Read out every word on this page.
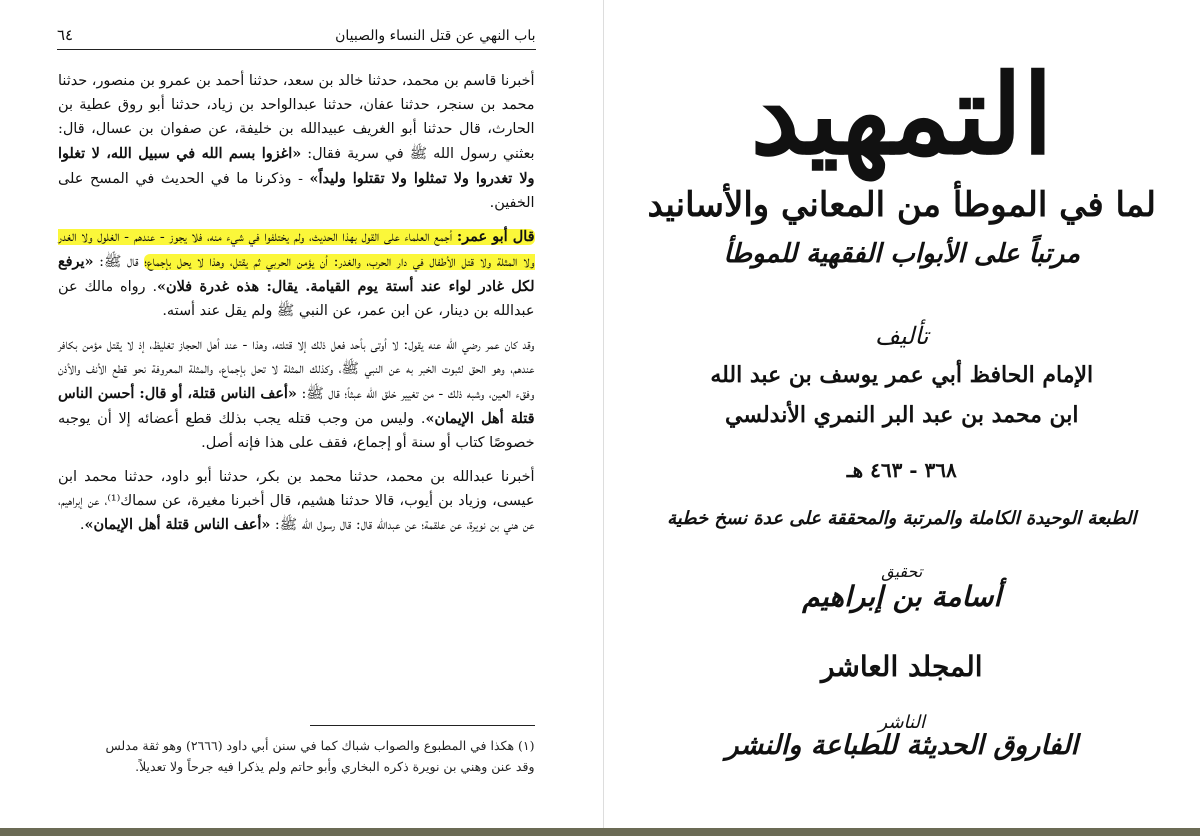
باب النهي عن قتل النساء والصبيان
٦٤

أخبرنا قاسم بن محمد، حدثنا خالد بن سعد، حدثنا أحمد بن عمرو بن منصور، حدثنا محمد بن سنجر، حدثنا عفان، حدثنا عبدالواحد بن زياد، حدثنا أبو روق عطية بن الحارث، قال حدثنا أبو الغريف عبيدالله بن خليفة، عن صفوان بن عسال، قال: بعثني رسول الله ﷺ في سرية فقال: «اغزوا بسم الله في سبيل الله، لا تغلوا ولا تغدروا ولا تمثلوا ولا تقتلوا وليداً» - وذكرنا ما في الحديث في المسح على الخفين.

قال أبو عمر: أجمع العلماء على القول بهذا الحديث، ولم يختلفوا في شيء منه، فلا يجوز - عندهم - الغلول ولا الغدر ولا المثلة ولا قتل الأطفال في دار الحرب، والغدر: أن يؤمن الحربي ثم يقتل، وهذا لا يحل بإجماع؛ قال ﷺ: «يرفع لكل غادر لواء عند أستة يوم القيامة. يقال: هذه غدرة فلان». رواه مالك عن عبدالله بن دينار، عن ابن عمر، عن النبي ﷺ ولم يقل عند أسته.

وقد كان عمر رضي الله عنه يقول: لا أوتى بأحد فعل ذلك إلا قتلته، وهذا - عند أهل الحجاز تغليظ، إذ لا يقتل مؤمن بكافر عندهم، وهو الحق لثبوت الخبر به عن النبي ﷺ، وكذلك المثلة لا تحل بإجماع، والمثلة المعروفة نحو قطع الأنف والأذن وفقء العين، وشبه ذلك - من تغيير خلق الله عبثاً؛ قال ﷺ: «أعف الناس قتلة، أو قال: أحسن الناس قتلة أهل الإيمان». وليس من وجب قتله يجب بذلك قطع أعضائه إلا أن يوجبه خصوصًا كتاب أو سنة أو إجماع، فقف على هذا فإنه أصل.

أخبرنا عبدالله بن محمد، حدثنا محمد بن بكر، حدثنا أبو داود، حدثنا محمد ابن عيسى، وزياد بن أيوب، قالا حدثنا هشيم، قال أخبرنا مغيرة، عن سماك⁽¹⁾، عن إبراهيم، عن هني بن نويرة، عن علقمة؛ عن عبدالله قال: قال رسول الله ﷺ: «أعف الناس قتلة أهل الإيمان».

(١) هكذا في المطبوع والصواب شباك كما في سنن أبي داود (٢٦٦٦) وهو ثقة مدلس

وقد عنن وهني بن نويرة ذكره البخاري وأبو حاتم ولم يذكرا فيه جرحاً ولا تعديلاً.

التمهيد
لما في الموطأ من المعاني والأسانيد
مرتباً على الأبواب الفقهية للموطأ
تأليف
الإمام الحافظ أبي عمر يوسف بن عبد الله
ابن محمد بن عبد البر النمري الأندلسي
٣٦٨ - ٤٦٣ هـ
الطبعة الوحيدة الكاملة والمرتبة والمحققة على عدة نسخ خطية
تحقيق
أسامة بن إبراهيم
المجلد العاشر
الناشر
الفاروق الحديثة للطباعة والنشر
